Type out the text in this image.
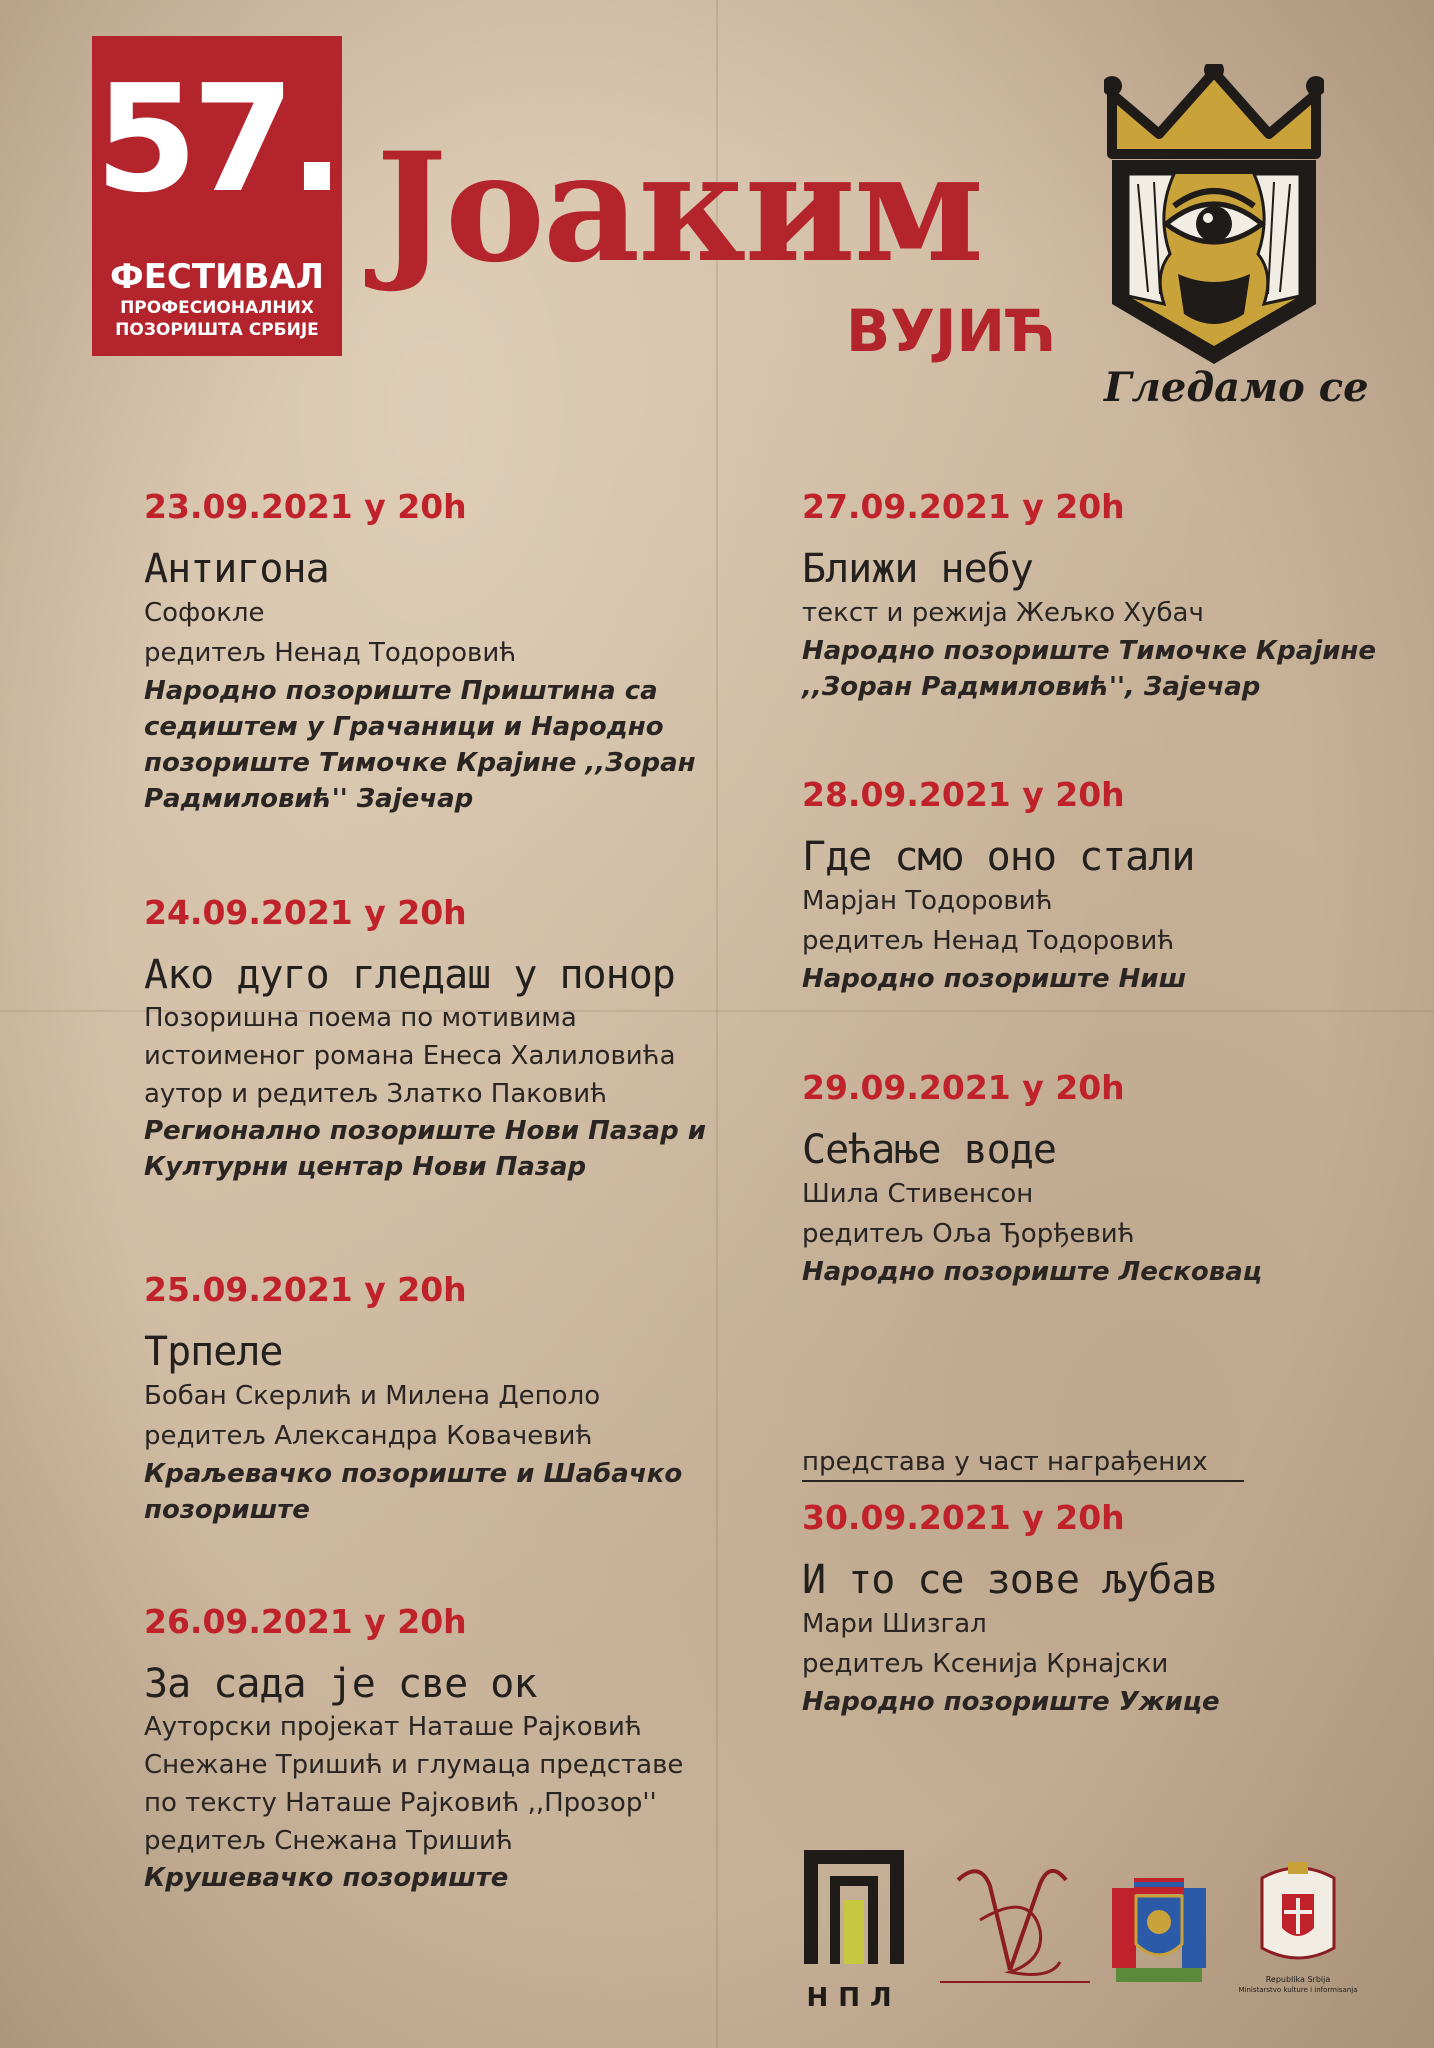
57.
ФЕСТИВАЛ
ПРОФЕСИОНАЛНИХ
ПОЗОРИШТА СРБИЈЕ
Јоаким
ВУЈИЋ
Гледамо се
23.09.2021 у 20h
Антигона
Софокле
редитељ Ненад Тодоровић
Народно позориште Приштина са
седиштем у Грачаници и Народно
позориште Тимочке Крајине ,,Зоран
Радмиловић'' Зајечар
24.09.2021 у 20h
Ако дуго гледаш у понор
Позоришна поема по мотивима
истоименог романа Енеса Халиловића
аутор и редитељ Златко Паковић
Регионално позориште Нови Пазар и
Културни центар Нови Пазар
25.09.2021 у 20h
Трпеле
Бобан Скерлић и Милена Деполо
редитељ Александра Ковачевић
Краљевачко позориште и Шабачко
позориште
26.09.2021 у 20h
За сада је све ок
Ауторски пројекат Наташе Рајковић
Снежане Тришић и глумаца представе
по тексту Наташе Рајковић ,,Прозор''
редитељ Снежана Тришић
Крушевачко позориште
27.09.2021 у 20h
Ближи небу
текст и режија Жељко Хубач
Народно позориште Тимочке Крајине
,,Зоран Радмиловић'', Зајечар
28.09.2021 у 20h
Где смо оно стали
Марјан Тодоровић
редитељ Ненад Тодоровић
Народно позориште Ниш
29.09.2021 у 20h
Сећање воде
Шила Стивенсон
редитељ Оља Ђорђевић
Народно позориште Лесковац
представа у част награђених
30.09.2021 у 20h
И то се зове љубав
Мари Шизгал
редитељ Ксенија Крнајски
Народно позориште Ужице
НПЛ
Republika Srbija
Ministarstvo kulture i informisanja
